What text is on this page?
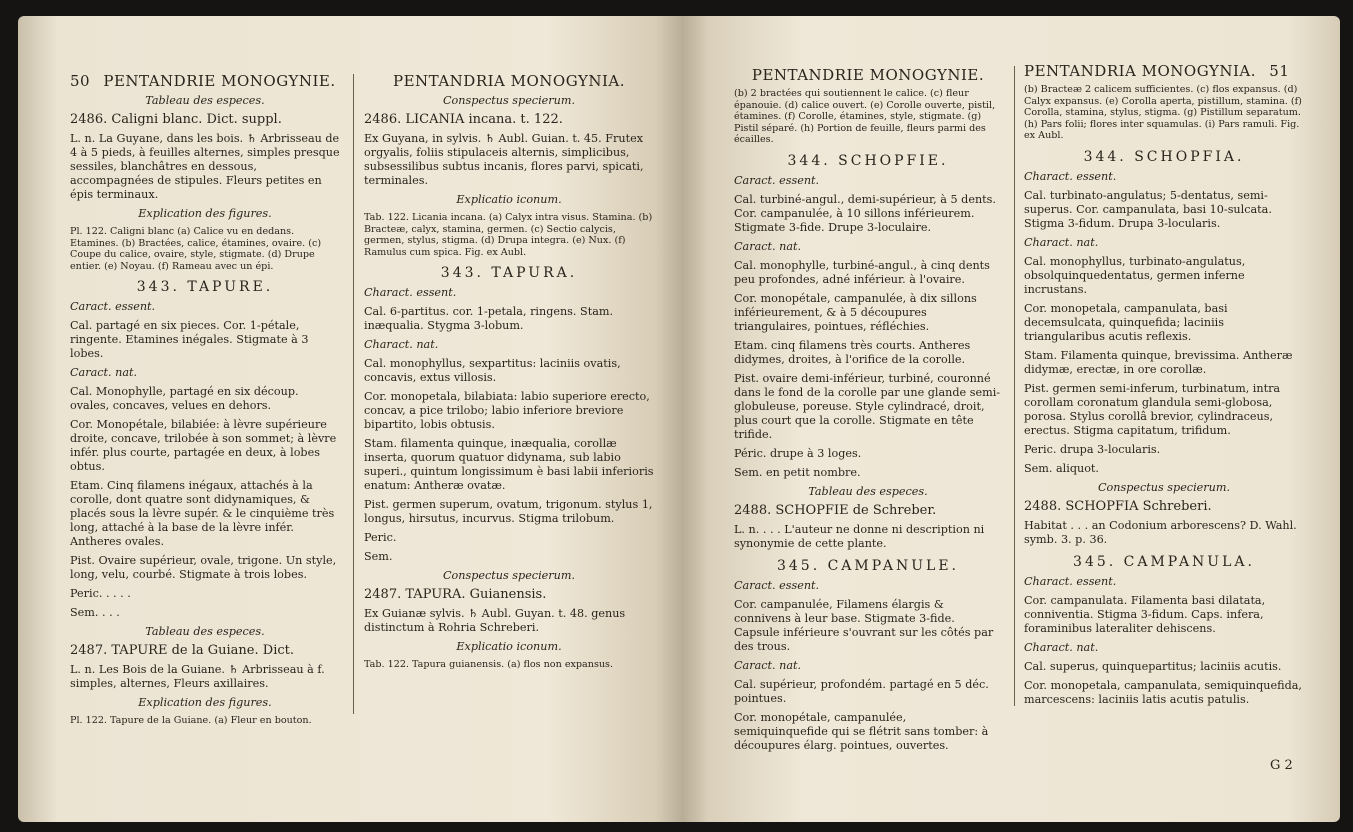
50 PENTANDRIE MONOGYNIE.

Tableau des especes.

2486. Caligni blanc. Dict. suppl.

L. n. La Guyane, dans les bois. ♄ Arbrisseau de 4 à 5 pieds, à feuilles alternes, simples presque sessiles, blanchâtres en dessous, accompagnées de stipules. Fleurs petites en épis terminaux.

Explication des figures.

Pl. 122. Caligni blanc (a) Calice vu en dedans. Etamines. (b) Bractées, calice, étamines, ovaire. (c) Coupe du calice, ovaire, style, stigmate. (d) Drupe entier. (e) Noyau. (f) Rameau avec un épi.

343. TAPURE.

Caract. essent.

Cal. partagé en six pieces. Cor. 1-pétale, ringente. Etamines inégales. Stigmate à 3 lobes.

Caract. nat.

Cal. Monophylle, partagé en six découp. ovales, concaves, velues en dehors.

Cor. Monopétale, bilabiée: à lèvre supérieure droite, concave, trilobée à son sommet; à lèvre infér. plus courte, partagée en deux, à lobes obtus.

Etam. Cinq filamens inégaux, attachés à la corolle, dont quatre sont didynamiques, & placés sous la lèvre supér. & le cinquième très long, attaché à la base de la lèvre infér. Antheres ovales.

Pist. Ovaire supérieur, ovale, trigone. Un style, long, velu, courbé. Stigmate à trois lobes.

Peric. . . . .

Sem. . . .

Tableau des especes.

2487. TAPURE de la Guiane. Dict.

L. n. Les Bois de la Guiane. ♄ Arbrisseau à f. simples, alternes, Fleurs axillaires.

Explication des figures.

Pl. 122. Tapure de la Guiane. (a) Fleur en bouton.

PENTANDRIA MONOGYNIA.

Conspectus specierum.

2486. LICANIA incana. t. 122.

Ex Guyana, in sylvis. ♄ Aubl. Guian. t. 45. Frutex orgyalis, foliis stipulaceis alternis, simplicibus, subsessilibus subtus incanis, flores parvi, spicati, terminales.

Explicatio iconum.

Tab. 122. Licania incana. (a) Calyx intra visus. Stamina. (b) Bracteæ, calyx, stamina, germen. (c) Sectio calycis, germen, stylus, stigma. (d) Drupa integra. (e) Nux. (f) Ramulus cum spica. Fig. ex Aubl.

343. TAPURA.

Charact. essent.

Cal. 6-partitus. cor. 1-petala, ringens. Stam. inæqualia. Stygma 3-lobum.

Charact. nat.

Cal. monophyllus, sexpartitus: laciniis ovatis, concavis, extus villosis.

Cor. monopetala, bilabiata: labio superiore erecto, concav, a pice trilobo; labio inferiore breviore bipartito, lobis obtusis.

Stam. filamenta quinque, inæqualia, corollæ inserta, quorum quatuor didynama, sub labio superi., quintum longissimum è basi labii inferioris enatum: Antheræ ovatæ.

Pist. germen superum, ovatum, trigonum. stylus 1, longus, hirsutus, incurvus. Stigma trilobum.

Peric.

Sem.

Conspectus specierum.

2487. TAPURA. Guianensis.

Ex Guianæ sylvis. ♄ Aubl. Guyan. t. 48. genus distinctum à Rohria Schreberi.

Explicatio iconum.

Tab. 122. Tapura guianensis. (a) flos non expansus.

PENTANDRIE MONOGYNIE.

(b) 2 bractées qui soutiennent le calice. (c) fleur épanouie. (d) calice ouvert. (e) Corolle ouverte, pistil, étamines. (f) Corolle, étamines, style, stigmate. (g) Pistil séparé. (h) Portion de feuille, fleurs parmi des écailles.

344. SCHOPFIE.

Caract. essent.

Cal. turbiné-angul., demi-supérieur, à 5 dents. Cor. campanulée, à 10 sillons inférieurem. Stigmate 3-fide. Drupe 3-loculaire.

Caract. nat.

Cal. monophylle, turbiné-angul., à cinq dents peu profondes, adné inférieur. à l'ovaire.

Cor. monopétale, campanulée, à dix sillons inférieurement, & à 5 découpures triangulaires, pointues, réfléchies.

Etam. cinq filamens très courts. Antheres didymes, droites, à l'orifice de la corolle.

Pist. ovaire demi-inférieur, turbiné, couronné dans le fond de la corolle par une glande semi-globuleuse, poreuse. Style cylindracé, droit, plus court que la corolle. Stigmate en tête trifide.

Péric. drupe à 3 loges.

Sem. en petit nombre.

Tableau des especes.

2488. SCHOPFIE de Schreber.

L. n. . . . L'auteur ne donne ni description ni synonymie de cette plante.

345. CAMPANULE.

Caract. essent.

Cor. campanulée, Filamens élargis & connivens à leur base. Stigmate 3-fide. Capsule inférieure s'ouvrant sur les côtés par des trous.

Caract. nat.

Cal. supérieur, profondém. partagé en 5 déc. pointues.

Cor. monopétale, campanulée, semiquinquefide qui se flétrit sans tomber: à découpures élarg. pointues, ouvertes.

PENTANDRIA MONOGYNIA. 51

(b) Bracteæ 2 calicem sufficientes. (c) flos expansus. (d) Calyx expansus. (e) Corolla aperta, pistillum, stamina. (f) Corolla, stamina, stylus, stigma. (g) Pistillum separatum. (h) Pars folii; flores inter squamulas. (i) Pars ramuli. Fig. ex Aubl.

344. SCHOPFIA.

Charact. essent.

Cal. turbinato-angulatus; 5-dentatus, semi-superus. Cor. campanulata, basi 10-sulcata. Stigma 3-fidum. Drupa 3-locularis.

Charact. nat.

Cal. monophyllus, turbinato-angulatus, obsolquinquedentatus, germen inferne incrustans.

Cor. monopetala, campanulata, basi decemsulcata, quinquefida; laciniis triangularibus acutis reflexis.

Stam. Filamenta quinque, brevissima. Antheræ didymæ, erectæ, in ore corollæ.

Pist. germen semi-inferum, turbinatum, intra corollam coronatum glandula semi-globosa, porosa. Stylus corollâ brevior, cylindraceus, erectus. Stigma capitatum, trifidum.

Peric. drupa 3-locularis.

Sem. aliquot.

Conspectus specierum.

2488. SCHOPFIA Schreberi.

Habitat . . . an Codonium arborescens? D. Wahl. symb. 3. p. 36.

345. CAMPANULA.

Charact. essent.

Cor. campanulata. Filamenta basi dilatata, conniventia. Stigma 3-fidum. Caps. infera, foraminibus lateraliter dehiscens.

Charact. nat.

Cal. superus, quinquepartitus; laciniis acutis.

Cor. monopetala, campanulata, semiquinquefida, marcescens: laciniis latis acutis patulis.

G 2
